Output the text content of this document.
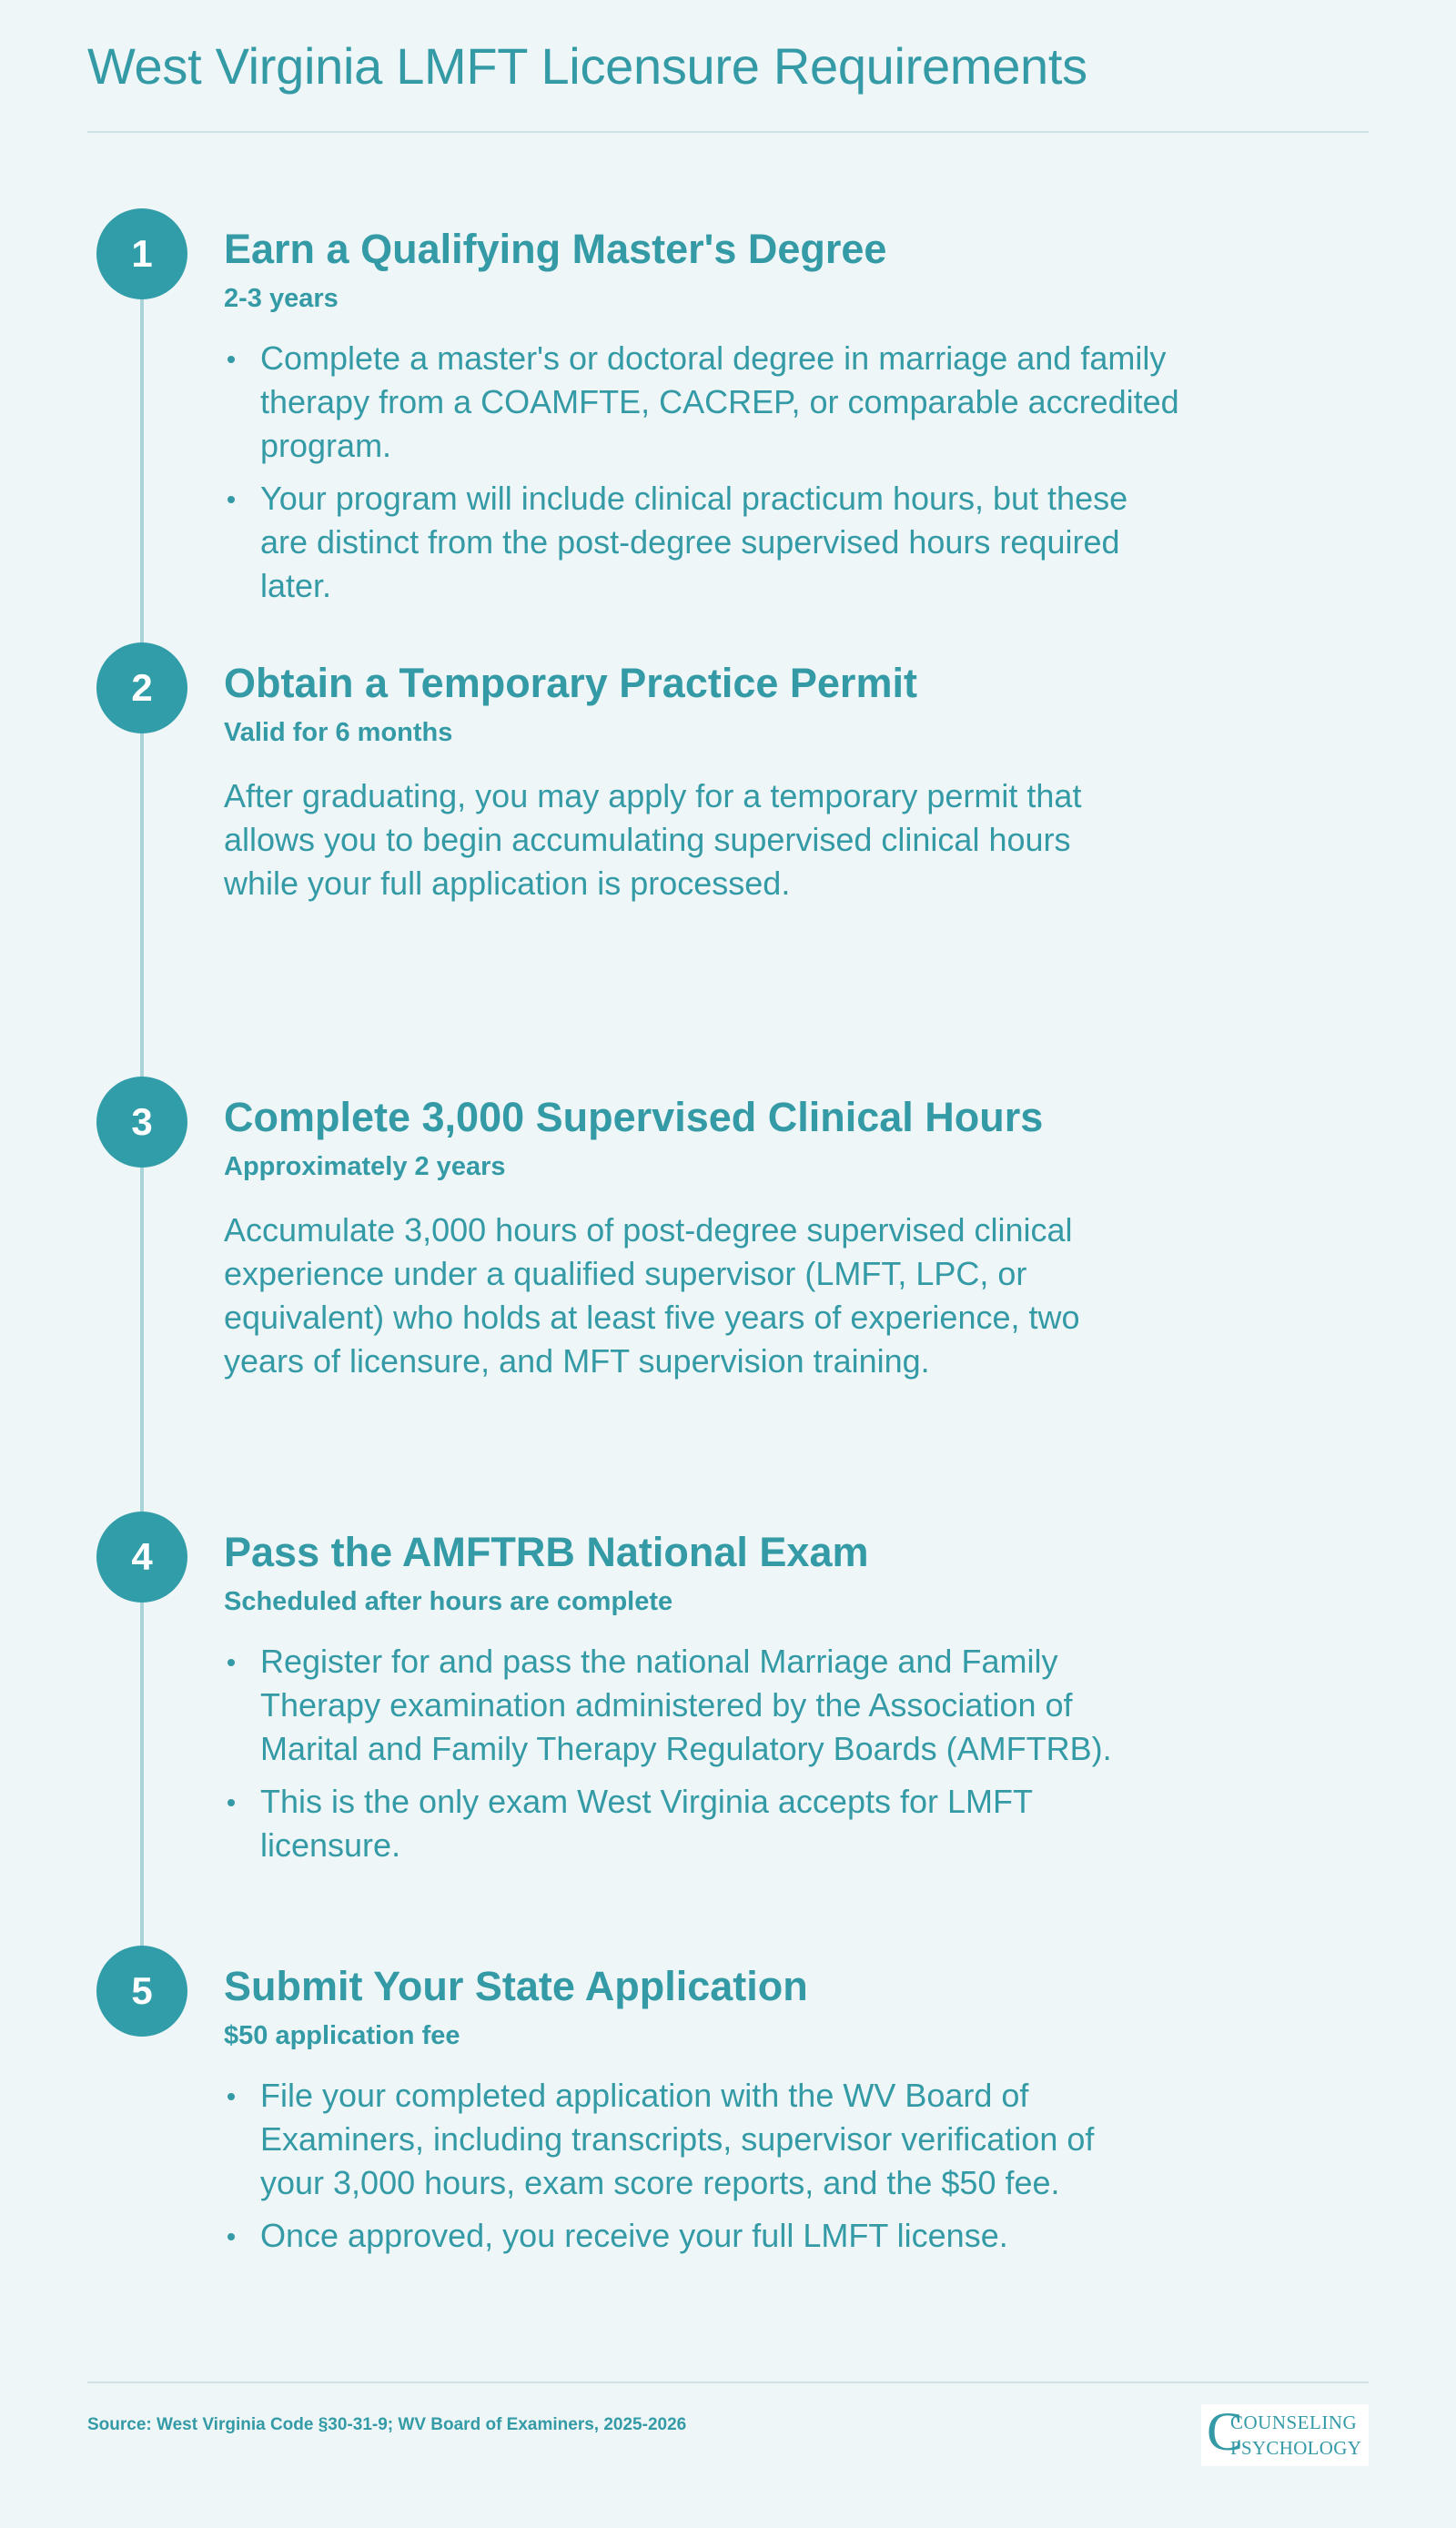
West Virginia LMFT Licensure Requirements
1	Earn a Qualifying Master's Degree
2-3 years
Complete a master's or doctoral degree in marriage and family therapy from a COAMFTE, CACREP, or comparable accredited program.
Your program will include clinical practicum hours, but these are distinct from the post-degree supervised hours required later.
2	Obtain a Temporary Practice Permit
Valid for 6 months
After graduating, you may apply for a temporary permit that allows you to begin accumulating supervised clinical hours while your full application is processed.
3	Complete 3,000 Supervised Clinical Hours
Approximately 2 years
Accumulate 3,000 hours of post-degree supervised clinical experience under a qualified supervisor (LMFT, LPC, or equivalent) who holds at least five years of experience, two years of licensure, and MFT supervision training.
4	Pass the AMFTRB National Exam
Scheduled after hours are complete
Register for and pass the national Marriage and Family Therapy examination administered by the Association of Marital and Family Therapy Regulatory Boards (AMFTRB).
This is the only exam West Virginia accepts for LMFT licensure.
5	Submit Your State Application
$50 application fee
File your completed application with the WV Board of Examiners, including transcripts, supervisor verification of your 3,000 hours, exam score reports, and the $50 fee.
Once approved, you receive your full LMFT license.
Source: West Virginia Code §30-31-9; WV Board of Examiners, 2025-2026	C
COUNSELING
PSYCHOLOGY
